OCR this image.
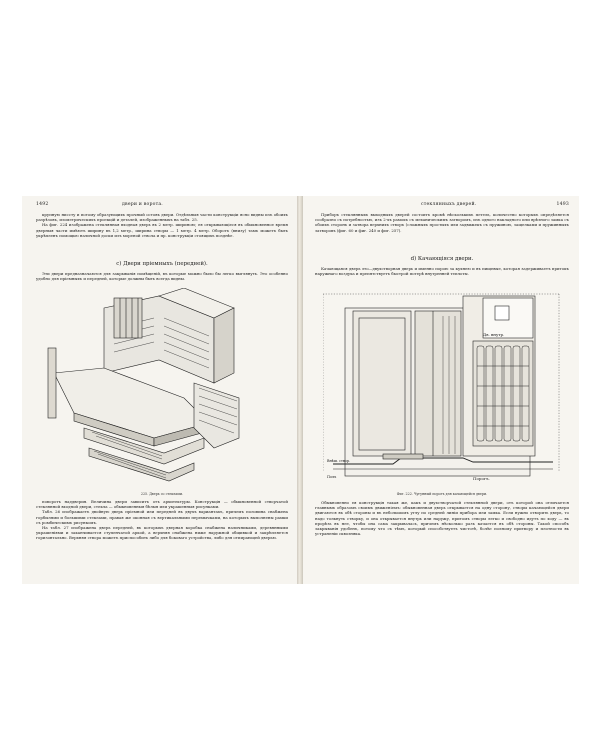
1492	двери и ворота.

крупную ниссту и потому образующихъ прочный остовъ двери. Отдѣльныя части конструкціи ясно видны изъ обоихъ разрѣзовъ, изометрическихъ проекцій и деталей, изображенныхъ на табл. 25.

На фиг. 224 изображена стеклянная входная дверь въ 2 метр. шириною; ея открывающіеся въ обыкновенное время дверныя части имѣютъ ширину въ 1,2 метр., ширина створы — 1 метр. 4 метр. Оборотъ (внизу) тамъ можетъ быть укрѣпленъ помощью наличной доски изъ мореной ствола и пр. конструкціи стоящихъ позднѣе.

c) Двери пріемныхъ (передней).

Эти двери предназначаются для закрыванія помѣщеній, въ которые можно было бы легко выглянуть. Это особенно удобно для пріемныхъ и передней, которые должны быть всегда видны.

225. Дверь со стеклами.

поворотъ наддверия. Величина двери зависитъ отъ архитектуры. Конструкція — обыкновенной створчатой стеклянной входной двери, стекла — обыкновенныя бѣлыя или украшенныя рисунками.

Табл. 26 изображаетъ двойную дверь пріемной или передней въ двухъ вариантахъ, причемъ половина снабжена горбылями и большими стеклами, правая же оконная съ вертикальными перемычками, на которыхъ выполнены рамки съ ромбическимъ рисункомъ.

На табл. 27 изображена дверь передней, въ которыхъ дверная коробка снабжена наличниками, деревянными украшеніями и заканчивается ступенчатой аркой, а верхняя снабжена ниже наружной общивкой и закрѣпляется горизонтально. Верхняя створа можетъ приспособить либо для боковаго устройства, либо для отпирающей дверью.

стеклянныхъ дверей.	1493

Приборъ стеклянныхъ выходныхъ дверей состоитъ кромѣ нѣсколькихъ петель, количество которыхъ опредѣляется сообразно съ потребностью, изъ 2-хъ рамокъ съ механическимъ затворомъ, изъ одного накладного или врѣзного замка съ обоихъ сторонъ и затвора верхнихъ створъ (сложныхъ простыхъ или задвижекъ съ пружиною, защелками и пружинныхъ затворовъ (фиг. 60 и фиг. 240 и фиг. 257).

d) Качающіяся двери.

Качающаяся дверь это—двухстворная дверь и именно порою за кухнею и въ пищевые, которая задерживаетъ притокъ наружнаго воздуха и препятствуетъ быстрой потерѣ внутренней теплоты.

Дв. внутр.
Внѣш. створ.
Полъ	Порогъ.
Фиг. 222. Чугунный порогъ для качающейся двери.

Обыкновенно ея конструкція такая же, какъ и двухстворчатой стеклянной двери, отъ которой она отличается главнымъ образомъ своимъ движеніемъ: обыкновенная дверь открывается на одну сторону, створы качающейся двери двигаются въ обѣ стороны и въ небольшомъ углу по средней линіи прибора или замка. Если нужно отворить дверь, то надо толкнуть створку, и она открывается внутрь или наружу, притомъ створы легко и свободно идутъ по ходу — въ прорѣзь въ нее, чтобы она сама закрывалась, причемъ нѣсколько разъ качается въ обѣ стороны. Такой способъ закрыванія удобенъ, потому что съ тѣмъ, который способствуетъ чистотѣ, болѣе полному притвору и плотности въ устраненіи сквозняка.
